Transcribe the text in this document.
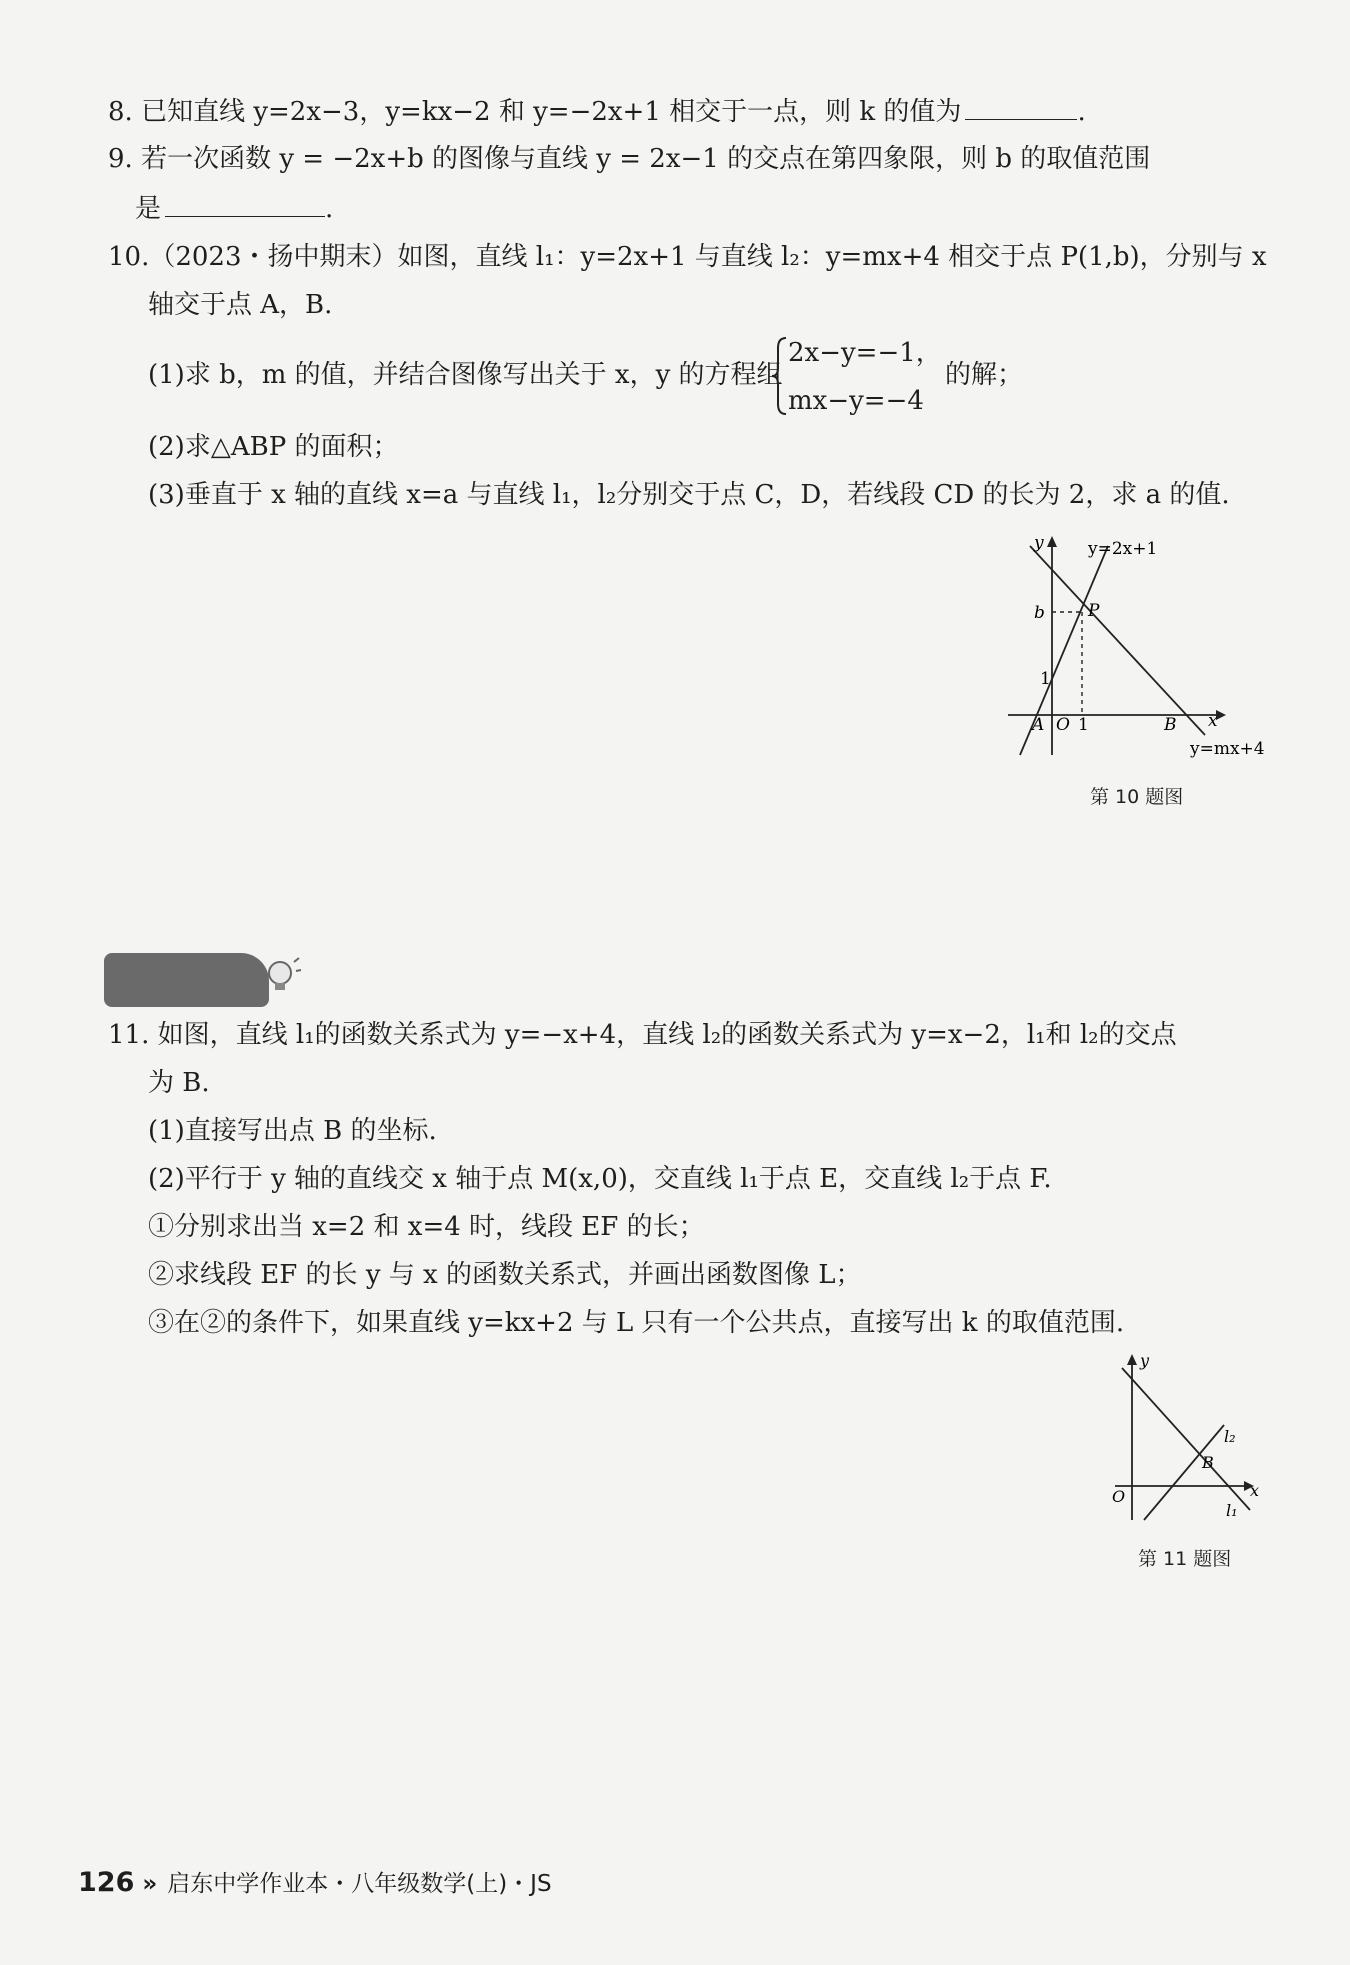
8. 已知直线 y=2x−3，y=kx−2 和 y=−2x+1 相交于一点，则 k 的值为	.
9. 若一次函数 y = −2x+b 的图像与直线 y = 2x−1 的交点在第四象限，则 b 的取值范围
是	.
10.（2023・扬中期末）如图，直线 l₁：y=2x+1 与直线 l₂：y=mx+4 相交于点 P(1,b)，分别与 x
轴交于点 A，B.
(1)求 b，m 的值，并结合图像写出关于 x，y 的方程组
2x−y=−1，
mx−y=−4
的解；
(2)求△ABP 的面积；
(3)垂直于 x 轴的直线 x=a 与直线 l₁，l₂分别交于点 C，D，若线段 CD 的长为 2，求 a 的值.
y	y=2x+1
b	P
1
A O 1	B x
y=mx+4
第 10 题图
11. 如图，直线 l₁的函数关系式为 y=−x+4，直线 l₂的函数关系式为 y=x−2，l₁和 l₂的交点
为 B.
(1)直接写出点 B 的坐标.
(2)平行于 y 轴的直线交 x 轴于点 M(x,0)，交直线 l₁于点 E，交直线 l₂于点 F.
①分别求出当 x=2 和 x=4 时，线段 EF 的长；
②求线段 EF 的长 y 与 x 的函数关系式，并画出函数图像 L；
③在②的条件下，如果直线 y=kx+2 与 L 只有一个公共点，直接写出 k 的取值范围.
y
O
B
l₂
x
l₁
第 11 题图
126 » 启东中学作业本・八年级数学(上)・JS
